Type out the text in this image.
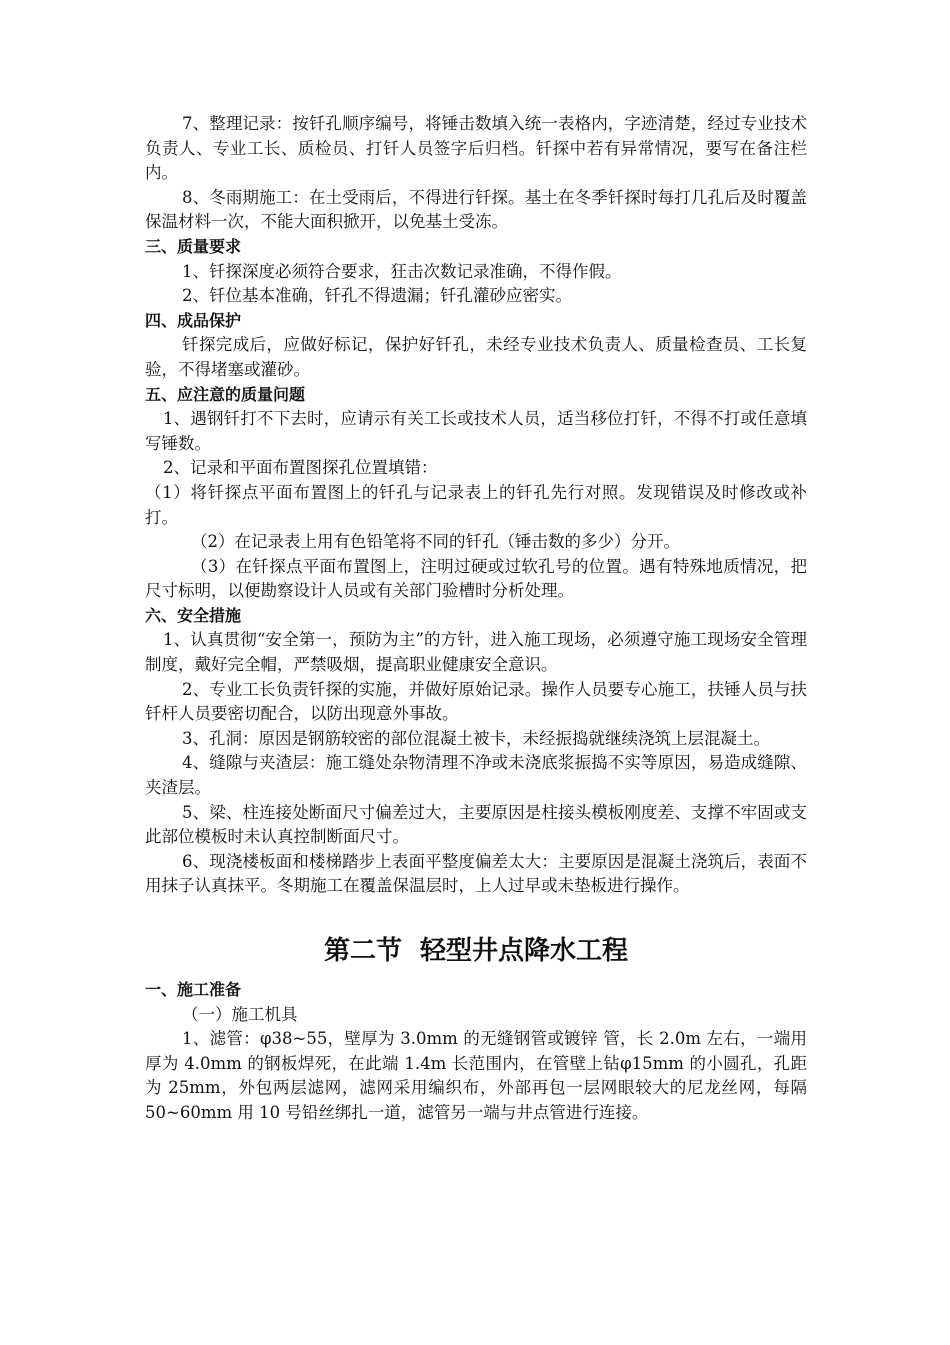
7、整理记录：按钎孔顺序编号，将锤击数填入统一表格内，字迹清楚，经过专业技术负责人、专业工长、质检员、打钎人员签字后归档。钎探中若有异常情况，要写在备注栏内。

8、冬雨期施工：在土受雨后，不得进行钎探。基土在冬季钎探时每打几孔后及时覆盖保温材料一次，不能大面积掀开，以免基土受冻。

三、质量要求

1、钎探深度必须符合要求，狂击次数记录准确，不得作假。

2、钎位基本准确，钎孔不得遗漏；钎孔灌砂应密实。

四、成品保护

钎探完成后，应做好标记，保护好钎孔，未经专业技术负责人、质量检查员、工长复验，不得堵塞或灌砂。

五、应注意的质量问题

1、遇钢钎打不下去时，应请示有关工长或技术人员，适当移位打钎，不得不打或任意填写锤数。

2、记录和平面布置图探孔位置填错：

（1）将钎探点平面布置图上的钎孔与记录表上的钎孔先行对照。发现错误及时修改或补打。

（2）在记录表上用有色铅笔将不同的钎孔（锤击数的多少）分开。

（3）在钎探点平面布置图上，注明过硬或过软孔号的位置。遇有特殊地质情况，把尺寸标明，以便勘察设计人员或有关部门验槽时分析处理。

六、安全措施

1、认真贯彻“安全第一，预防为主”的方针，进入施工现场，必须遵守施工现场安全管理制度，戴好完全帽，严禁吸烟，提高职业健康安全意识。

2、专业工长负责钎探的实施，并做好原始记录。操作人员要专心施工，扶锤人员与扶钎杆人员要密切配合，以防出现意外事故。

3、孔洞：原因是钢筋较密的部位混凝土被卡，未经振捣就继续浇筑上层混凝土。

4、缝隙与夹渣层：施工缝处杂物清理不净或未浇底浆振捣不实等原因，易造成缝隙、夹渣层。

5、梁、柱连接处断面尺寸偏差过大，主要原因是柱接头模板刚度差、支撑不牢固或支此部位模板时未认真控制断面尺寸。

6、现浇楼板面和楼梯踏步上表面平整度偏差太大：主要原因是混凝土浇筑后，表面不用抹子认真抹平。冬期施工在覆盖保温层时，上人过早或未垫板进行操作。

第二节 轻型井点降水工程

一、施工准备

（一）施工机具

1、滤管：φ38~55，壁厚为 3.0mm 的无缝钢管或镀锌 管，长 2.0m 左右，一端用厚为 4.0mm 的钢板焊死，在此端 1.4m 长范围内，在管壁上钻φ15mm 的小圆孔，孔距为 25mm，外包两层滤网，滤网采用编织布，外部再包一层网眼较大的尼龙丝网，每隔 50~60mm 用 10 号铅丝绑扎一道，滤管另一端与井点管进行连接。
